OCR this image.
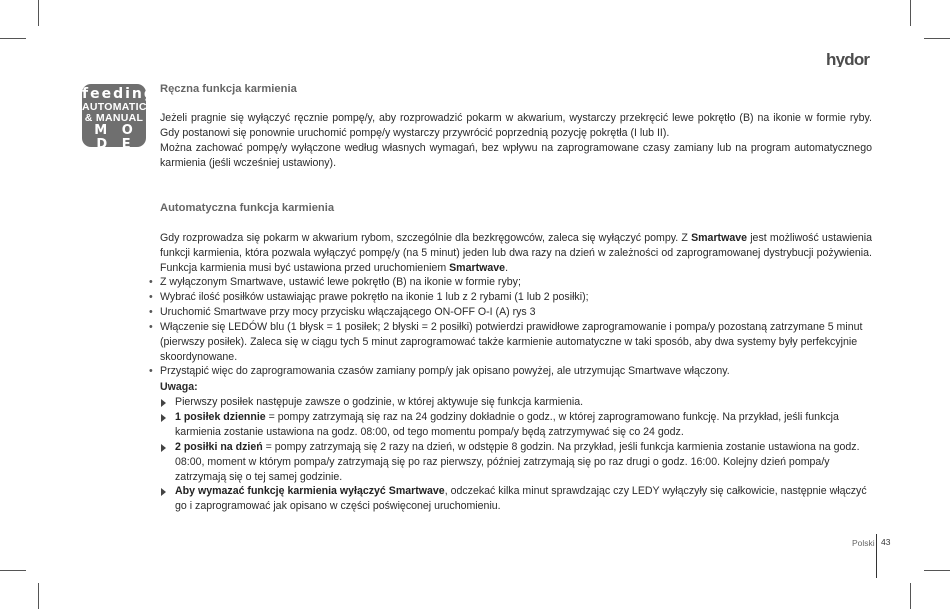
feeding
AUTOMATIC
& MANUAL
M O D E
hydor
Ręczna funkcja karmienia
Jeżeli pragnie się wyłączyć ręcznie pompę/y, aby rozprowadzić pokarm w akwarium, wystarczy przekręcić lewe pokrętło (B) na ikonie w formie ryby. Gdy postanowi się ponownie uruchomić pompę/y wystarczy przywrócić poprzednią pozycję pokrętła (I lub II).
Można zachować pompę/y wyłączone według własnych wymagań, bez wpływu na zaprogramowane czasy zamiany lub na program automatycznego karmienia (jeśli wcześniej ustawiony).
Automatyczna funkcja karmienia
Gdy rozprowadza się pokarm w akwarium rybom, szczególnie dla bezkręgowców, zaleca się wyłączyć pompy. Z Smartwave jest możliwość ustawienia funkcji karmienia, która pozwala wyłączyć pompę/y (na 5 minut) jeden lub dwa razy na dzień w zależności od zaprogramowanej dystrybucji pożywienia. Funkcja karmienia musi być ustawiona przed uruchomieniem Smartwave.
• Z wyłączonym Smartwave, ustawić lewe pokrętło (B) na ikonie w formie ryby;
• Wybrać ilość posiłków ustawiając prawe pokrętło na ikonie 1 lub z 2 rybami (1 lub 2 posiłki);
• Uruchomić Smartwave przy mocy przycisku włączającego ON-OFF O-I (A) rys 3
• Włączenie się LEDÓW blu (1 błysk = 1 posiłek; 2 błyski = 2 posiłki) potwierdzi prawidłowe zaprogramowanie i pompa/y pozostaną zatrzymane 5 minut (pierwszy posiłek). Zaleca się w ciągu tych 5 minut zaprogramować także karmienie automatyczne w taki sposób, aby dwa systemy były perfekcyjnie skoordynowane.
• Przystąpić więc do zaprogramowania czasów zamiany pomp/y jak opisano powyżej, ale utrzymując Smartwave włączony.
Uwaga:
Pierwszy posiłek następuje zawsze o godzinie, w której aktywuje się funkcja karmienia.
1 posiłek dziennie = pompy zatrzymają się raz na 24 godziny dokładnie o godz., w której zaprogramowano funkcję. Na przykład, jeśli funkcja karmienia zostanie ustawiona na godz. 08:00, od tego momentu pompa/y będą zatrzymywać się co 24 godz.
2 posiłki na dzień = pompy zatrzymają się 2 razy na dzień, w odstępie 8 godzin. Na przykład, jeśli funkcja karmienia zostanie ustawiona na godz. 08:00, moment w którym pompa/y zatrzymają się po raz pierwszy, później zatrzymają się po raz drugi o godz. 16:00. Kolejny dzień pompa/y zatrzymają się o tej samej godzinie.
Aby wymazać funkcję karmienia wyłączyć Smartwave, odczekać kilka minut sprawdzając czy LEDY wyłączyły się całkowicie, następnie włączyć go i zaprogramować jak opisano w części poświęconej uruchomieniu.
Polski 43
